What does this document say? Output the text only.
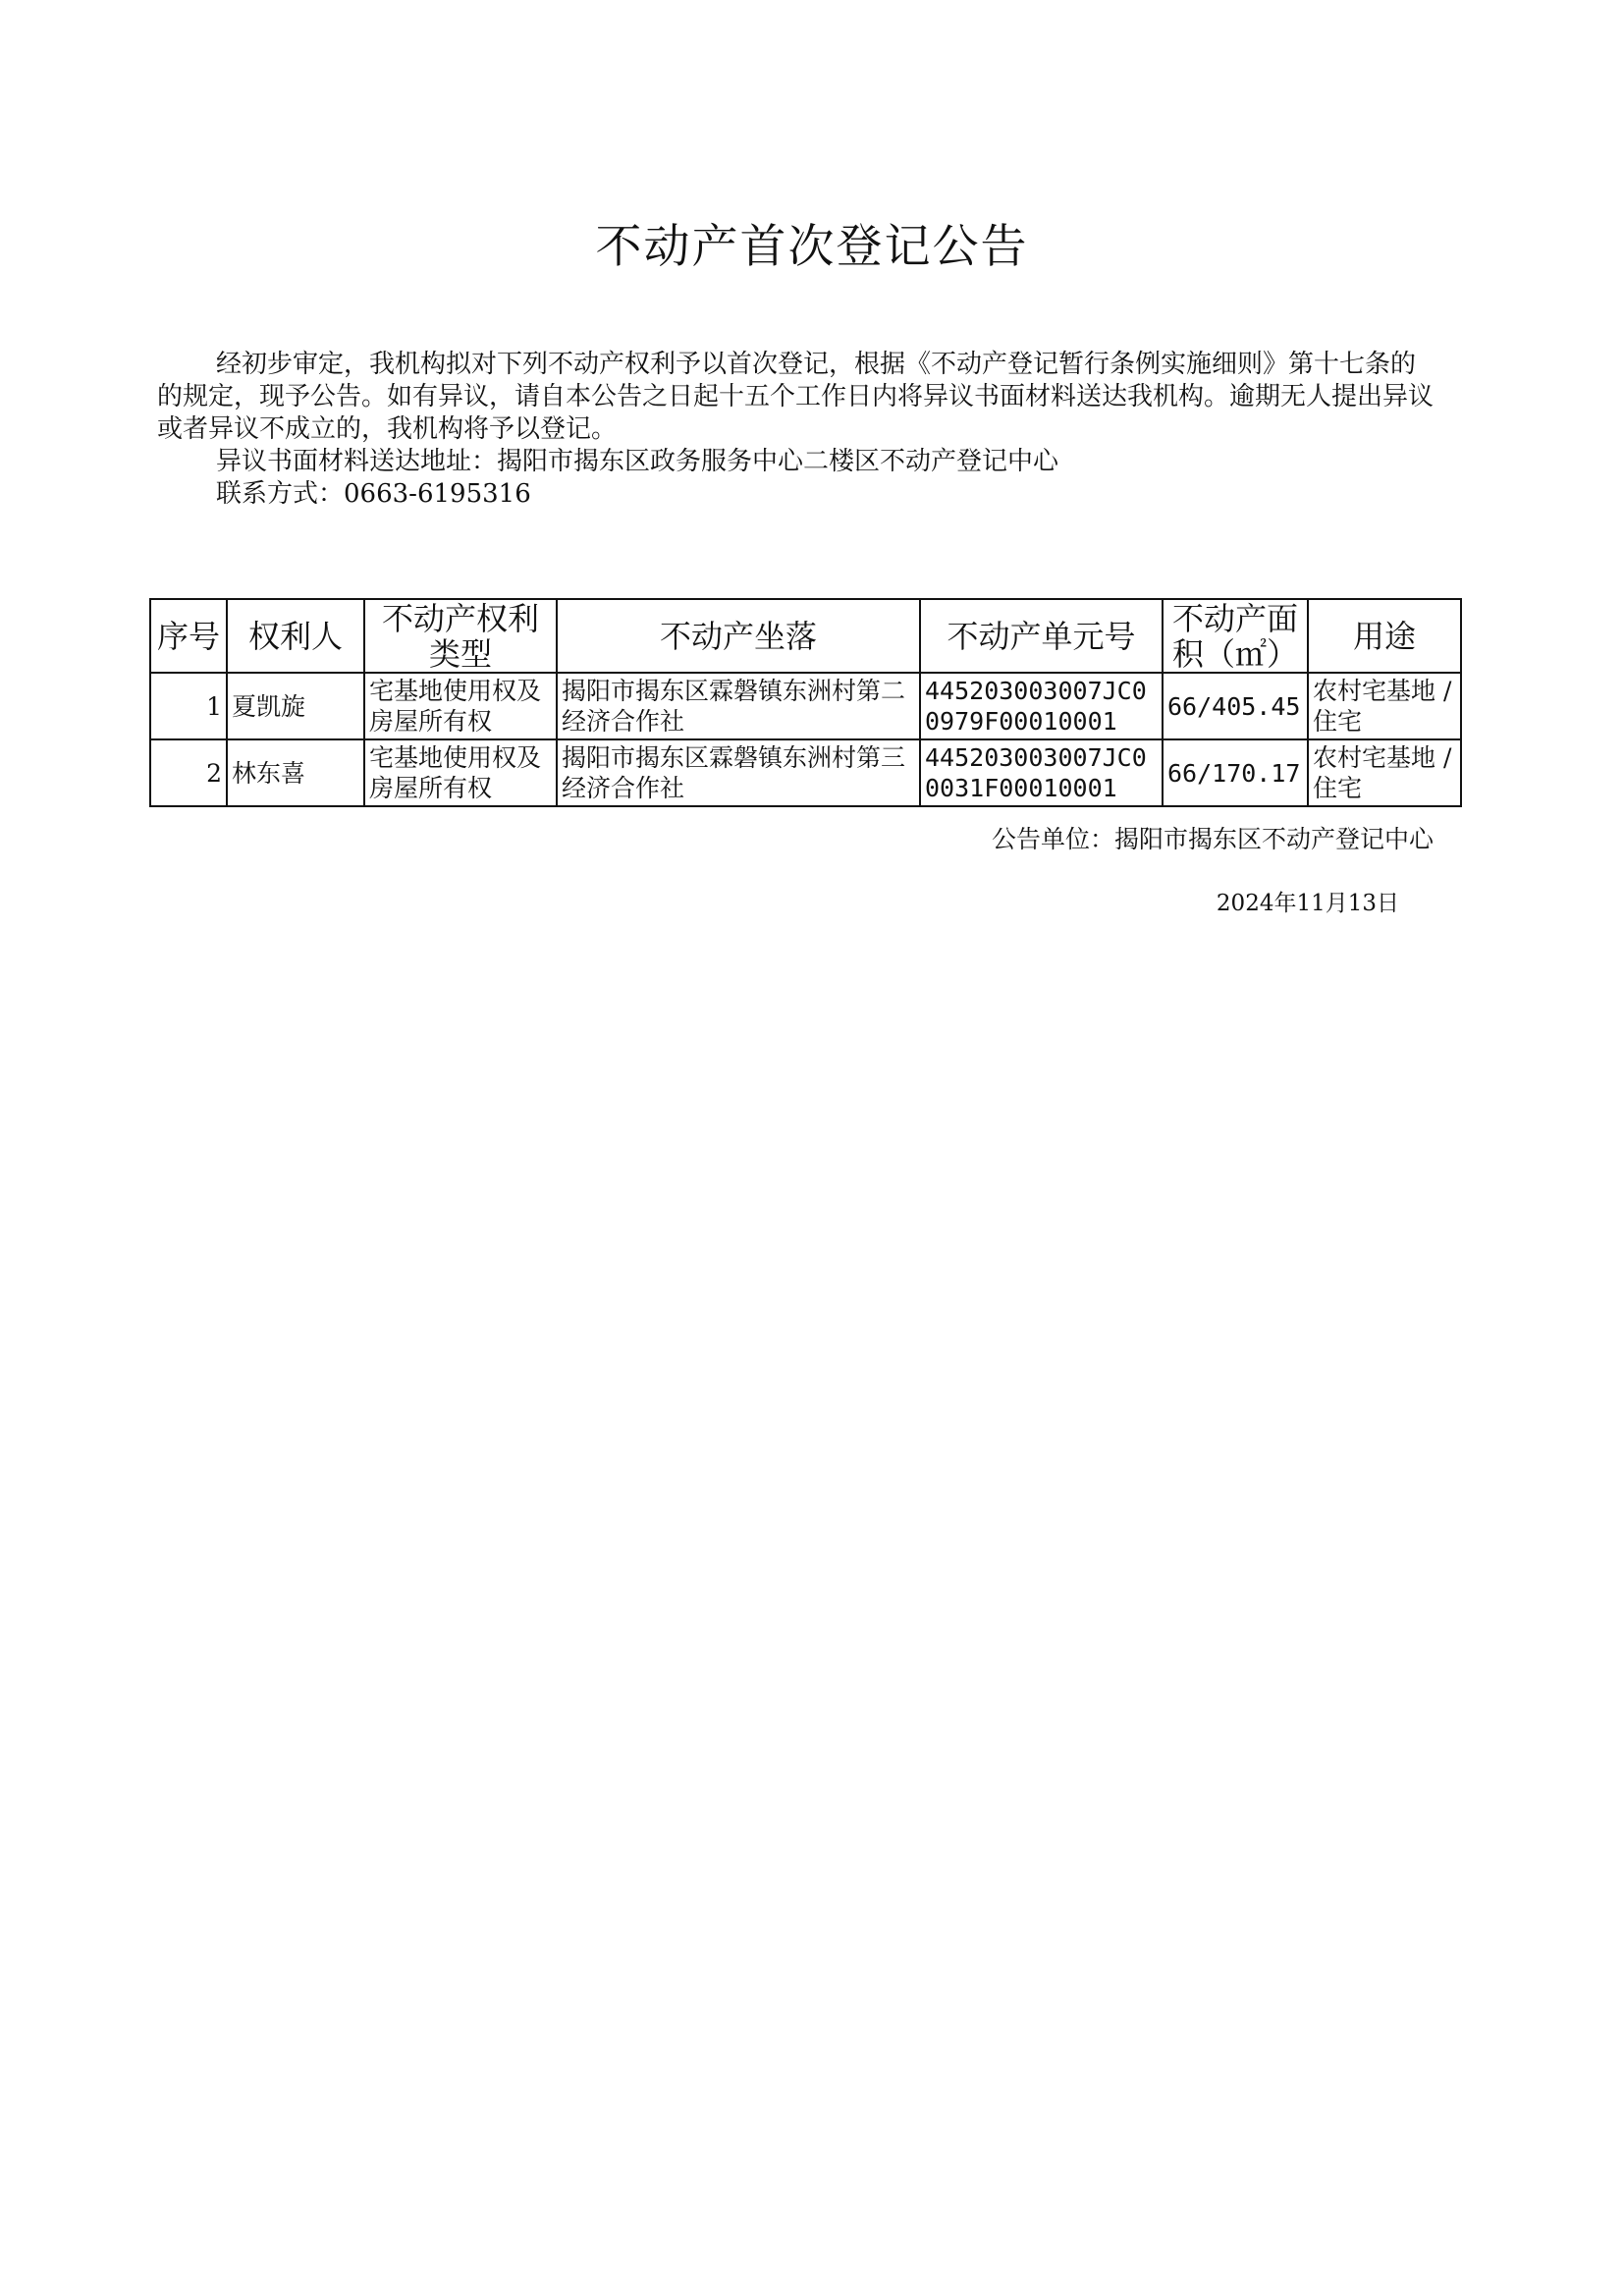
不动产首次登记公告

经初步审定，我机构拟对下列不动产权利予以首次登记，根据《不动产登记暂行条例实施细则》第十七条的的规定，现予公告。如有异议，请自本公告之日起十五个工作日内将异议书面材料送达我机构。逾期无人提出异议或者异议不成立的，我机构将予以登记。

异议书面材料送达地址：揭阳市揭东区政务服务中心二楼区不动产登记中心

联系方式：0663-6195316

序号	权利人	不动产权利类型	不动产坐落	不动产单元号	不动产面积（㎡）	用途
1	夏凯旋	宅基地使用权及房屋所有权	揭阳市揭东区霖磐镇东洲村第二经济合作社	445203003007JC00979F00010001	66/405.45	农村宅基地 / 住宅
2	林东喜	宅基地使用权及房屋所有权	揭阳市揭东区霖磐镇东洲村第三经济合作社	445203003007JC00031F00010001	66/170.17	农村宅基地 / 住宅
公告单位：揭阳市揭东区不动产登记中心
2024年11月13日
